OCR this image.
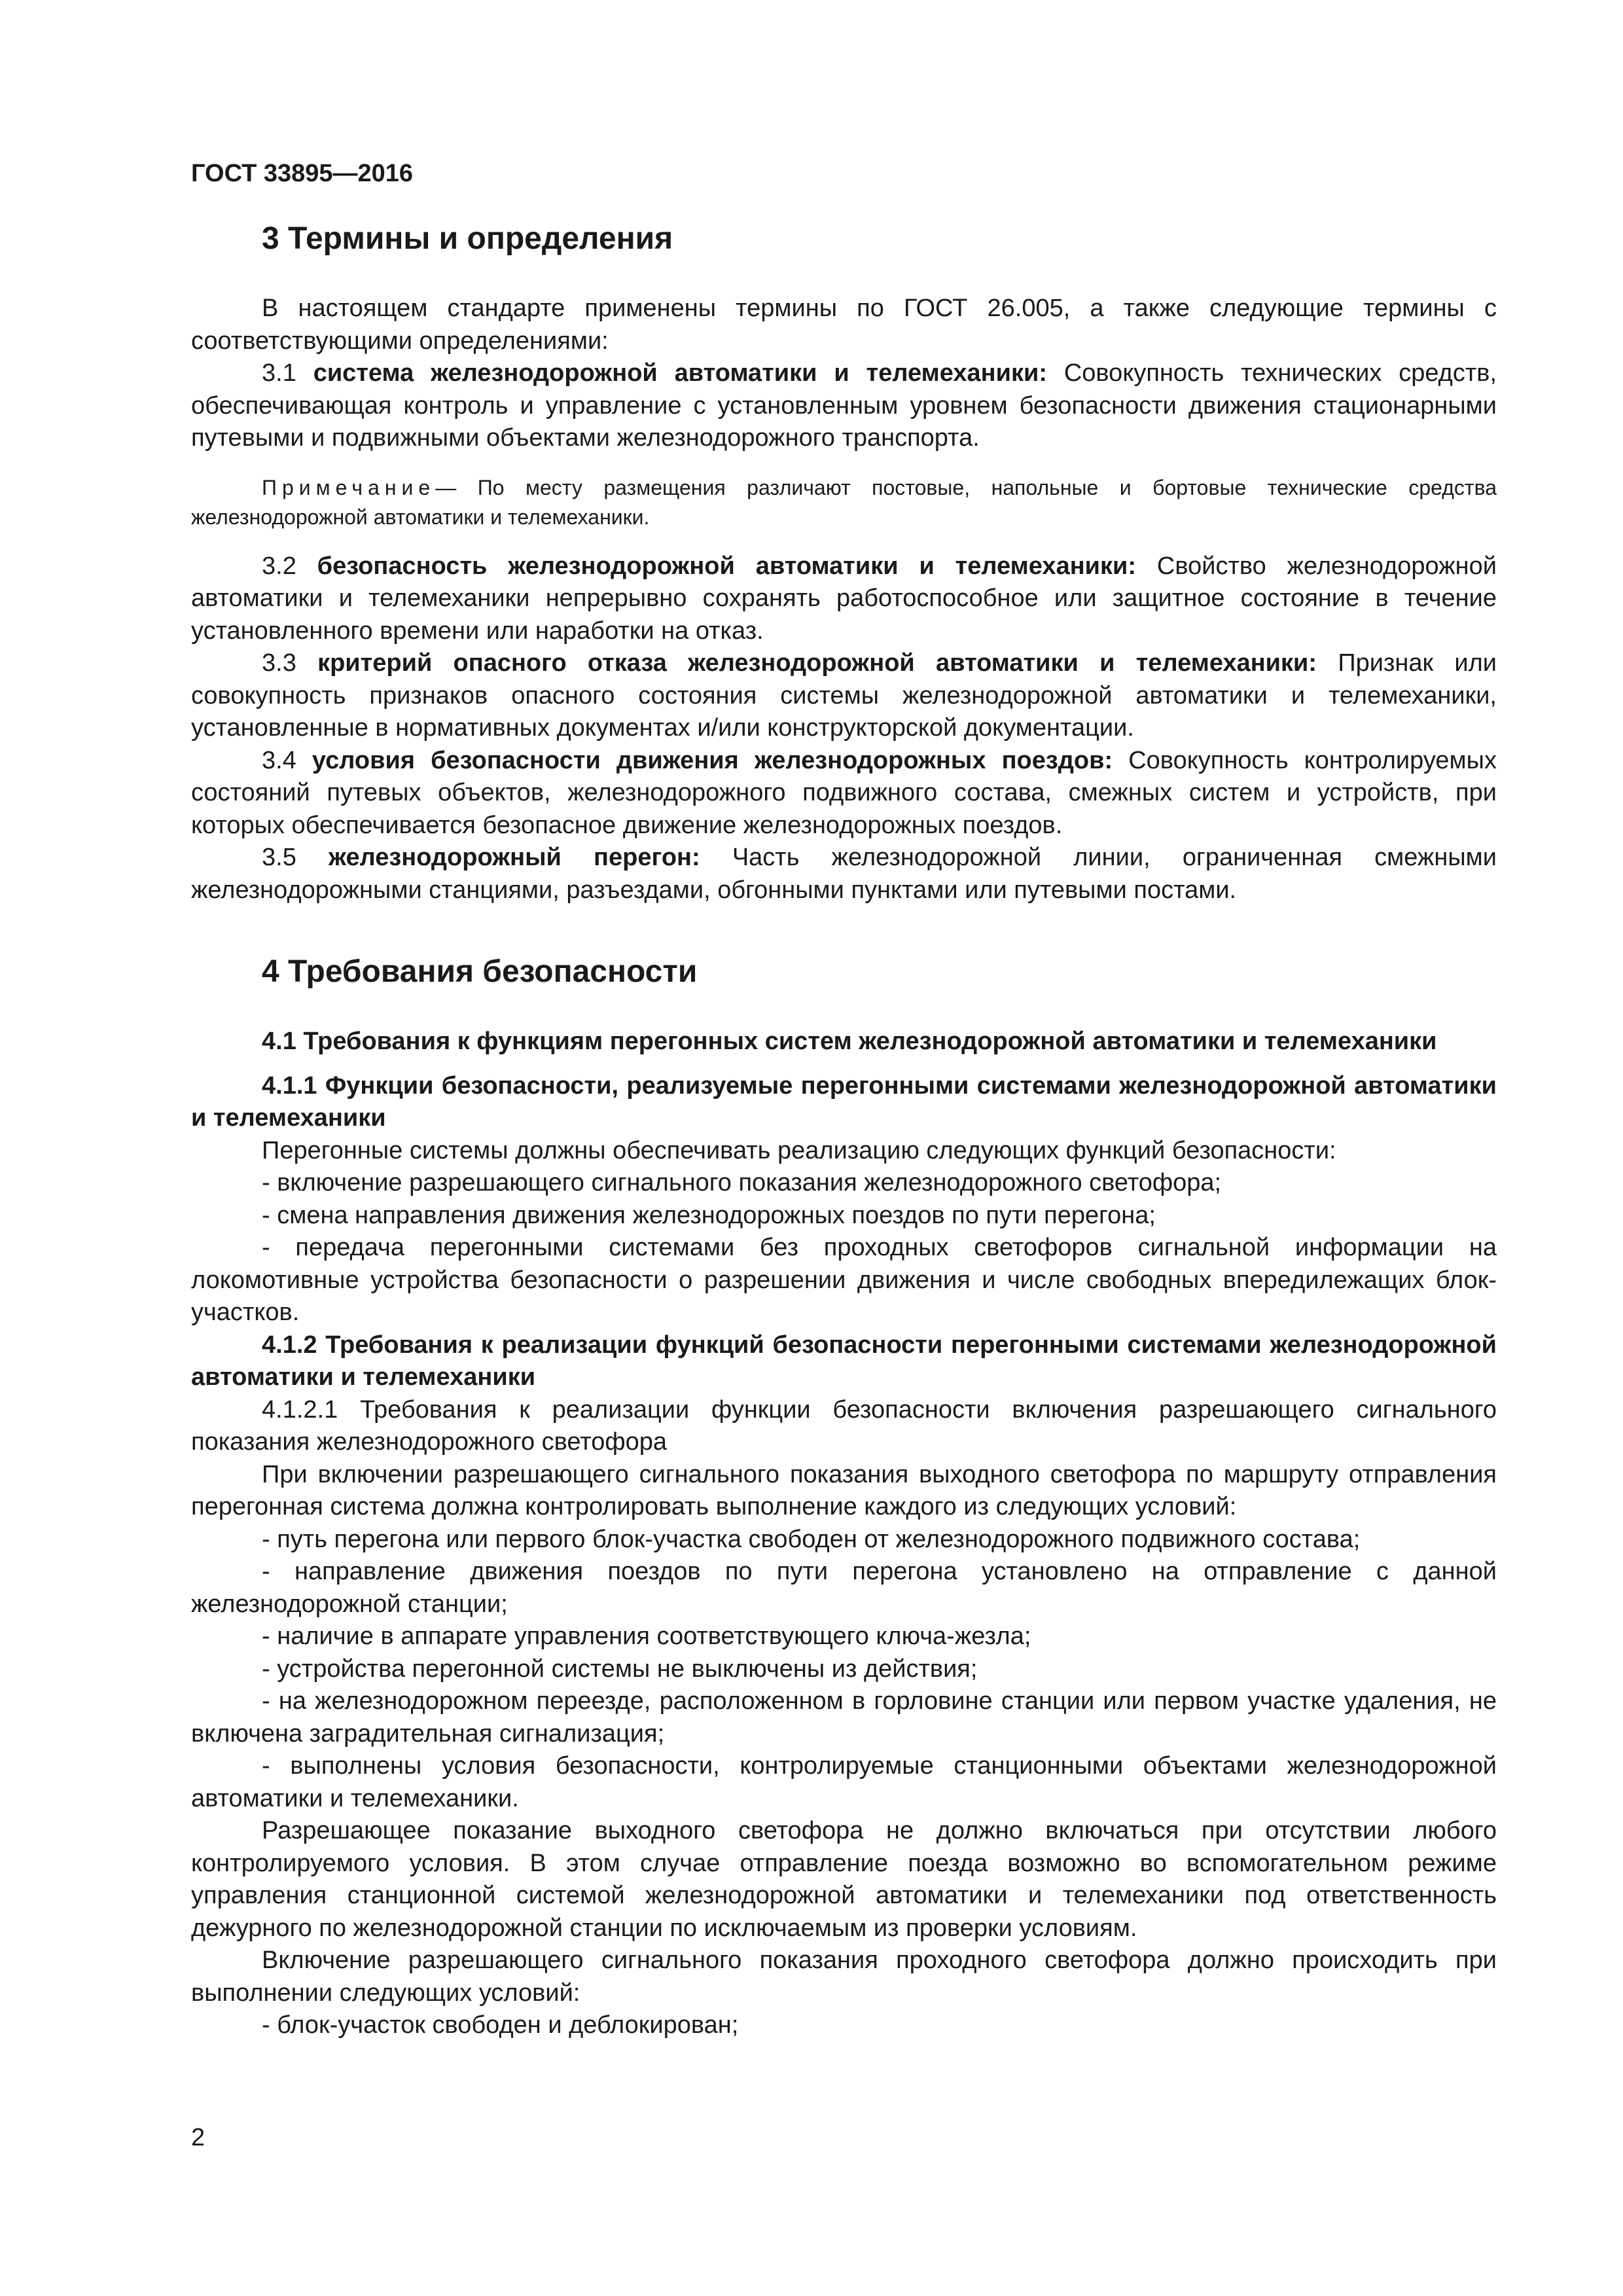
ГОСТ 33895—2016
3 Термины и определения

В настоящем стандарте применены термины по ГОСТ 26.005, а также следующие термины с соответствующими определениями:

3.1 система железнодорожной автоматики и телемеханики: Совокупность технических средств, обеспечивающая контроль и управление с установленным уровнем безопасности движения стационарными путевыми и подвижными объектами железнодорожного транспорта.

Примечание— По месту размещения различают постовые, напольные и бортовые технические средства железнодорожной автоматики и телемеханики.

3.2 безопасность железнодорожной автоматики и телемеханики: Свойство железнодорожной автоматики и телемеханики непрерывно сохранять работоспособное или защитное состояние в течение установленного времени или наработки на отказ.

3.3 критерий опасного отказа железнодорожной автоматики и телемеханики: Признак или совокупность признаков опасного состояния системы железнодорожной автоматики и телемеханики, установленные в нормативных документах и/или конструкторской документации.

3.4 условия безопасности движения железнодорожных поездов: Совокупность контролируемых состояний путевых объектов, железнодорожного подвижного состава, смежных систем и устройств, при которых обеспечивается безопасное движение железнодорожных поездов.

3.5 железнодорожный перегон: Часть железнодорожной линии, ограниченная смежными железнодорожными станциями, разъездами, обгонными пунктами или путевыми постами.

4 Требования безопасности

4.1 Требования к функциям перегонных систем железнодорожной автоматики и телемеханики

4.1.1 Функции безопасности, реализуемые перегонными системами железнодорожной автоматики и телемеханики

Перегонные системы должны обеспечивать реализацию следующих функций безопасности:

- включение разрешающего сигнального показания железнодорожного светофора;

- смена направления движения железнодорожных поездов по пути перегона;

- передача перегонными системами без проходных светофоров сигнальной информации на локомотивные устройства безопасности о разрешении движения и числе свободных впередилежащих блок-участков.

4.1.2 Требования к реализации функций безопасности перегонными системами железнодорожной автоматики и телемеханики

4.1.2.1 Требования к реализации функции безопасности включения разрешающего сигнального показания железнодорожного светофора

При включении разрешающего сигнального показания выходного светофора по маршруту отправления перегонная система должна контролировать выполнение каждого из следующих условий:

- путь перегона или первого блок-участка свободен от железнодорожного подвижного состава;

- направление движения поездов по пути перегона установлено на отправление с данной железнодорожной станции;

- наличие в аппарате управления соответствующего ключа-жезла;

- устройства перегонной системы не выключены из действия;

- на железнодорожном переезде, расположенном в горловине станции или первом участке удаления, не включена заградительная сигнализация;

- выполнены условия безопасности, контролируемые станционными объектами железнодорожной автоматики и телемеханики.

Разрешающее показание выходного светофора не должно включаться при отсутствии любого контролируемого условия. В этом случае отправление поезда возможно во вспомогательном режиме управления станционной системой железнодорожной автоматики и телемеханики под ответственность дежурного по железнодорожной станции по исключаемым из проверки условиям.

Включение разрешающего сигнального показания проходного светофора должно происходить при выполнении следующих условий:

- блок-участок свободен и деблокирован;

2
